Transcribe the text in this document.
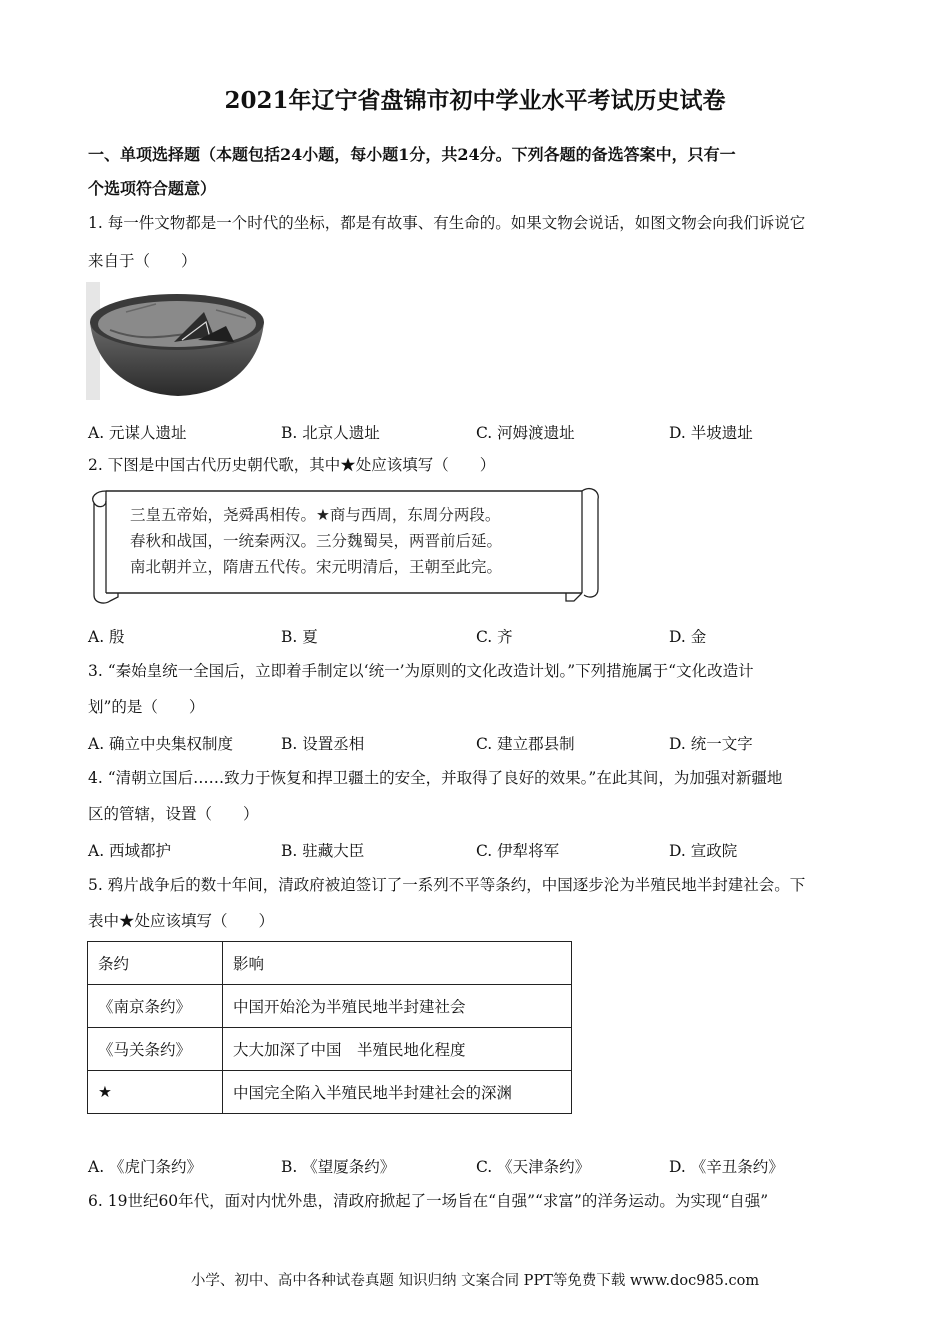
2021年辽宁省盘锦市初中学业水平考试历史试卷
一、单项选择题（本题包括24小题，每小题1分，共24分。下列各题的备选答案中，只有一
个选项符合题意）
1. 每一件文物都是一个时代的坐标，都是有故事、有生命的。如果文物会说话，如图文物会向我们诉说它
来自于（　　）
A. 元谋人遗址	B. 北京人遗址	C. 河姆渡遗址	D. 半坡遗址
2. 下图是中国古代历史朝代歌，其中★处应该填写（　　）
三皇五帝始，尧舜禹相传。★商与西周，东周分两段。
春秋和战国，一统秦两汉。三分魏蜀吴，两晋前后延。
南北朝并立，隋唐五代传。宋元明清后，王朝至此完。
A. 殷	B. 夏	C. 齐	D. 金
3. “秦始皇统一全国后，立即着手制定以‘统一’为原则的文化改造计划。”下列措施属于“文化改造计
划”的是（　　）
A. 确立中央集权制度	B. 设置丞相	C. 建立郡县制	D. 统一文字
4. “清朝立国后……致力于恢复和捍卫疆土的安全，并取得了良好的效果。”在此其间，为加强对新疆地
区的管辖，设置（　　）
A. 西域都护	B. 驻藏大臣	C. 伊犁将军	D. 宣政院
5. 鸦片战争后的数十年间，清政府被迫签订了一系列不平等条约，中国逐步沦为半殖民地半封建社会。下
表中★处应该填写（　　）
条约	影响
《南京条约》	中国开始沦为半殖民地半封建社会
《马关条约》	大大加深了中国　半殖民地化程度
★	中国完全陷入半殖民地半封建社会的深渊
A. 《虎门条约》	B. 《望厦条约》	C. 《天津条约》	D. 《辛丑条约》
6. 19世纪60年代，面对内忧外患，清政府掀起了一场旨在“自强”“求富”的洋务运动。为实现“自强”
小学、初中、高中各种试卷真题 知识归纳 文案合同 PPT等免费下载 www.doc985.com
